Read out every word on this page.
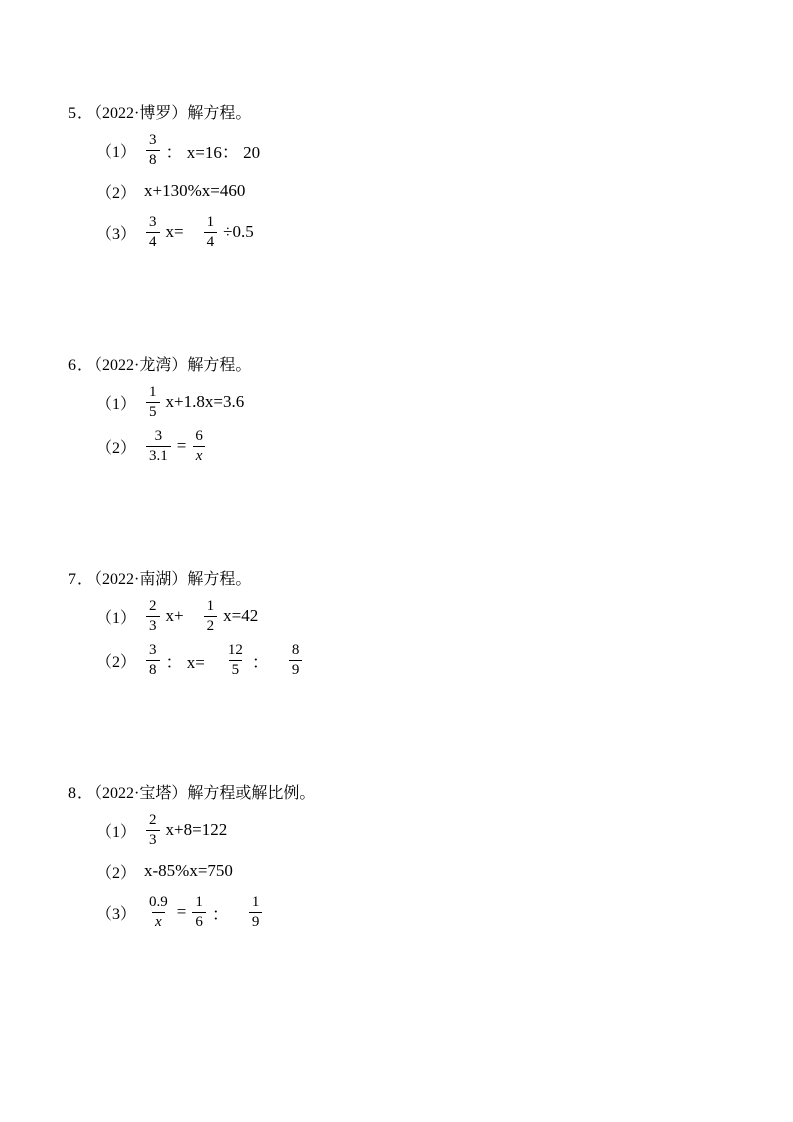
5．（2022·博罗）解方程。
$(1) \frac{3}{8}$ ： x=16： 20
（2） x+130%x=460
$(3) \frac{3}{4} x= \frac{1}{4} \div 0.5$
6．（2022·龙湾）解方程。
$(1) \frac{1}{5} x+1.8x=3.6$
$(2) \frac{3}{3.1} = \frac{6}{x}$
7．（2022·南湖）解方程。
$(1) \frac{2}{3} x+ \frac{1}{2} x=42$
$(2) \frac{3}{8}$ ： $x= \frac{12}{5}$ ： $\frac{8}{9}$
8．（2022·宝塔）解方程或解比例。
$(1) \frac{2}{3} x+8=122$
（2） x-85%x=750
$(3) \frac{0.9}{x} = \frac{1}{6}$ ： $\frac{1}{9}$
